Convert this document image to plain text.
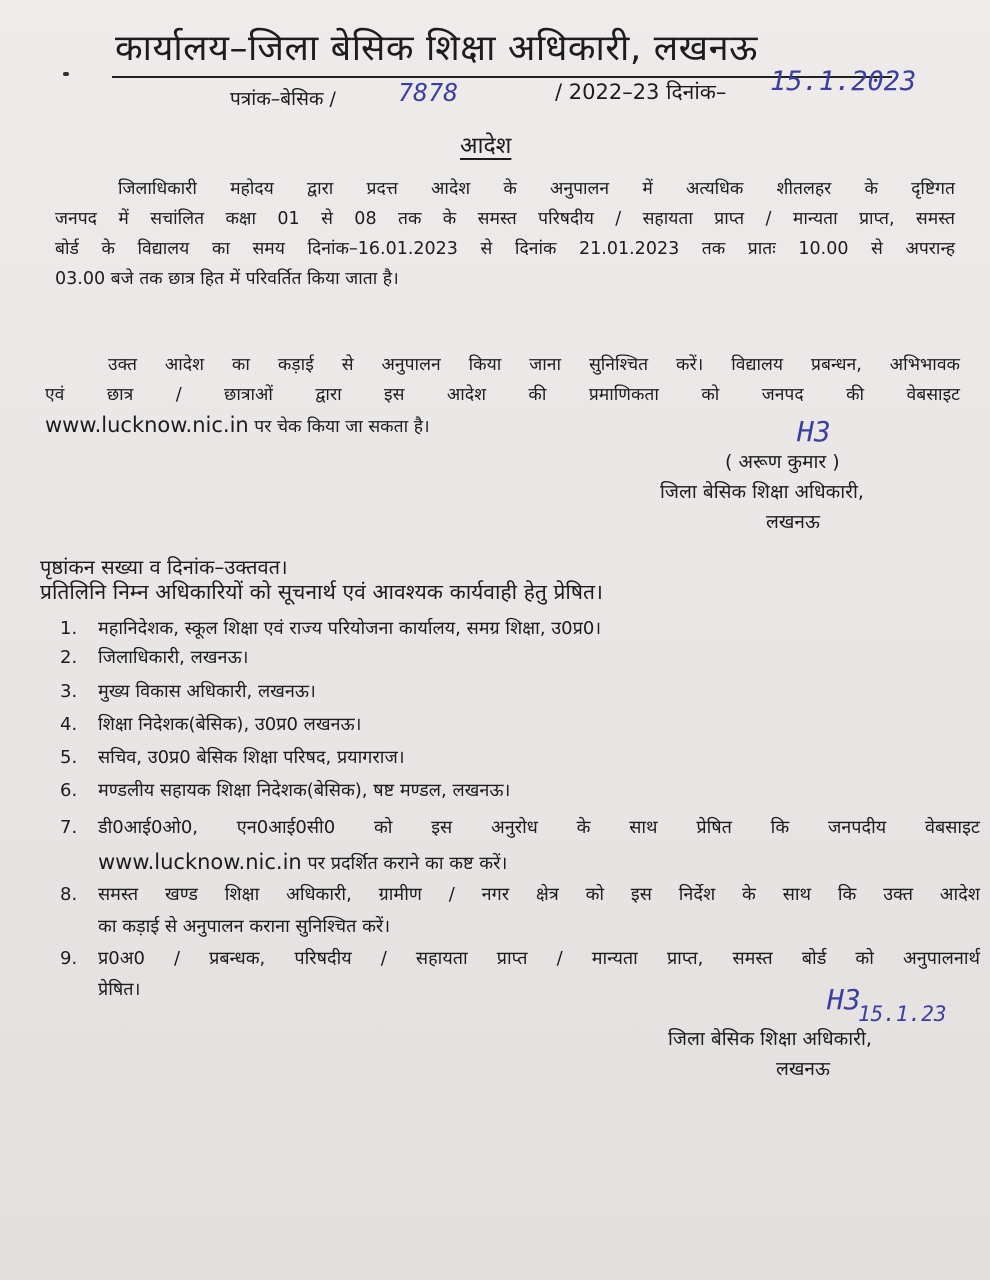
कार्यालय–जिला बेसिक शिक्षा अधिकारी, लखनऊ
पत्रांक–बेसिक / 7878	/ 2022–23 दिनांक– 15.1.2023
आदेश
जिलाधिकारी महोदय द्वारा प्रदत्त आदेश के अनुपालन में अत्यधिक शीतलहर के दृष्टिगत
जनपद में सचांलित कक्षा 01 से 08 तक के समस्त परिषदीय / सहायता प्राप्त / मान्यता प्राप्त, समस्त
बोर्ड के विद्यालय का समय दिनांक–16.01.2023 से दिनांक 21.01.2023 तक प्रातः 10.00 से अपरान्ह
03.00 बजे तक छात्र हित में परिवर्तित किया जाता है।
उक्त आदेश का कड़ाई से अनुपालन किया जाना सुनिश्चित करें। विद्यालय प्रबन्धन, अभिभावक
एवं छात्र / छात्राओं द्वारा इस आदेश की प्रमाणिकता को जनपद की वेबसाइट
www.lucknow.nic.in पर चेक किया जा सकता है।	H3
( अरूण कुमार )
जिला बेसिक शिक्षा अधिकारी,
लखनऊ
पृष्ठांकन सख्या व दिनांक–उक्तवत।
प्रतिलिनि निम्न अधिकारियों को सूचनार्थ एवं आवश्यक कार्यवाही हेतु प्रेषित।
1.	महानिदेशक, स्कूल शिक्षा एवं राज्य परियोजना कार्यालय, समग्र शिक्षा, उ0प्र0।
2.	जिलाधिकारी, लखनऊ।
3.	मुख्य विकास अधिकारी, लखनऊ।
4.	शिक्षा निदेशक(बेसिक), उ0प्र0 लखनऊ।
5.	सचिव, उ0प्र0 बेसिक शिक्षा परिषद, प्रयागराज।
6.	मण्डलीय सहायक शिक्षा निदेशक(बेसिक), षष्ट मण्डल, लखनऊ।
7.	डी0आई0ओ0, एन0आई0सी0 को इस अनुरोध के साथ प्रेषित कि जनपदीय वेबसाइट
www.lucknow.nic.in पर प्रदर्शित कराने का कष्ट करें।
8.	समस्त खण्ड शिक्षा अधिकारी, ग्रामीण / नगर क्षेत्र को इस निर्देश के साथ कि उक्त आदेश
का कड़ाई से अनुपालन कराना सुनिश्चित करें।
9.	प्र0अ0 / प्रबन्धक, परिषदीय / सहायता प्राप्त / मान्यता प्राप्त, समस्त बोर्ड को अनुपालनार्थ
प्रेषित।	H3
15.1.23
जिला बेसिक शिक्षा अधिकारी,
लखनऊ
